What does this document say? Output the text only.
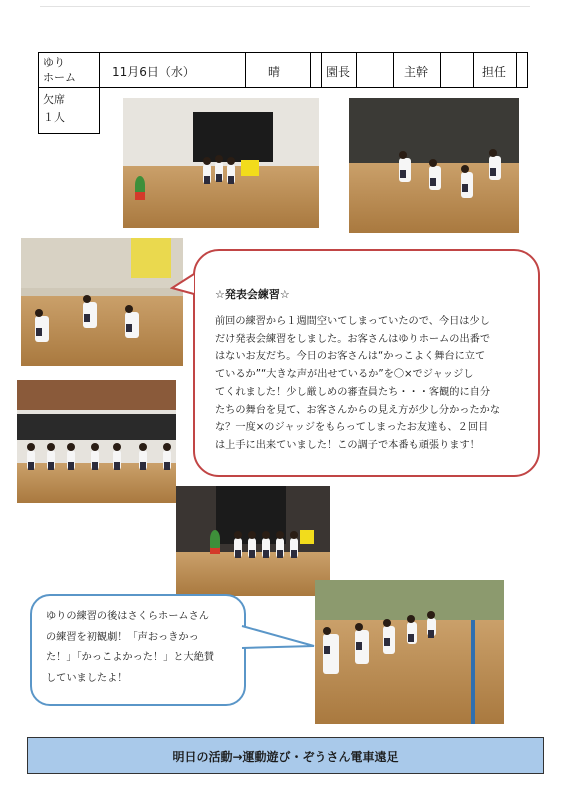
ゆり
ホーム	11月6日（水）	晴	園長	主幹	担任
欠席
１人
☆発表会練習☆
前回の練習から１週間空いてしまっていたので、今日は少し
だけ発表会練習をしました。お客さんはゆりホームの出番で
はないお友だち。今日のお客さんは“かっこよく舞台に立て
ているか”“大きな声が出せているか”を〇×でジャッジし
てくれました！少し厳しめの審査員たち・・・客観的に自分
たちの舞台を見て、お客さんからの見え方が少し分かったかな
な？一度×のジャッジをもらってしまったお友達も、２回目
は上手に出来ていました！この調子で本番も頑張ります！
ゆりの練習の後はさくらホームさん
の練習を初観劇！「声おっきかっ
た！」「かっこよかった！」と大絶賛
していましたよ！
明日の活動→運動遊び・ぞうさん電車遠足
